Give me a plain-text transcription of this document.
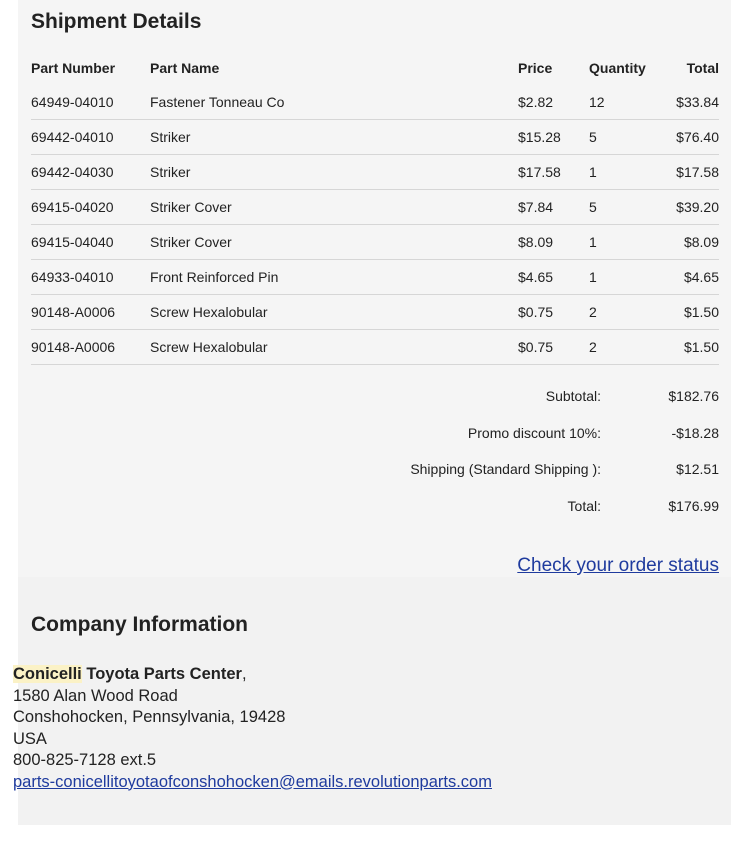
Shipment Details
Part Number	Part Name	Price	Quantity	Total
64949-04010	Fastener Tonneau Co	$2.82	12	$33.84
69442-04010	Striker	$15.28	5	$76.40
69442-04030	Striker	$17.58	1	$17.58
69415-04020	Striker Cover	$7.84	5	$39.20
69415-04040	Striker Cover	$8.09	1	$8.09
64933-04010	Front Reinforced Pin	$4.65	1	$4.65
90148-A0006	Screw Hexalobular	$0.75	2	$1.50
90148-A0006	Screw Hexalobular	$0.75	2	$1.50
Subtotal:	$182.76
Promo discount 10%:	-$18.28
Shipping (Standard Shipping ):	$12.51
Total:	$176.99
Check your order status
Company Information
Conicelli Toyota Parts Center,
1580 Alan Wood Road
Conshohocken, Pennsylvania, 19428
USA
800-825-7128 ext.5
parts-conicellitoyotaofconshohocken@emails.revolutionparts.com
